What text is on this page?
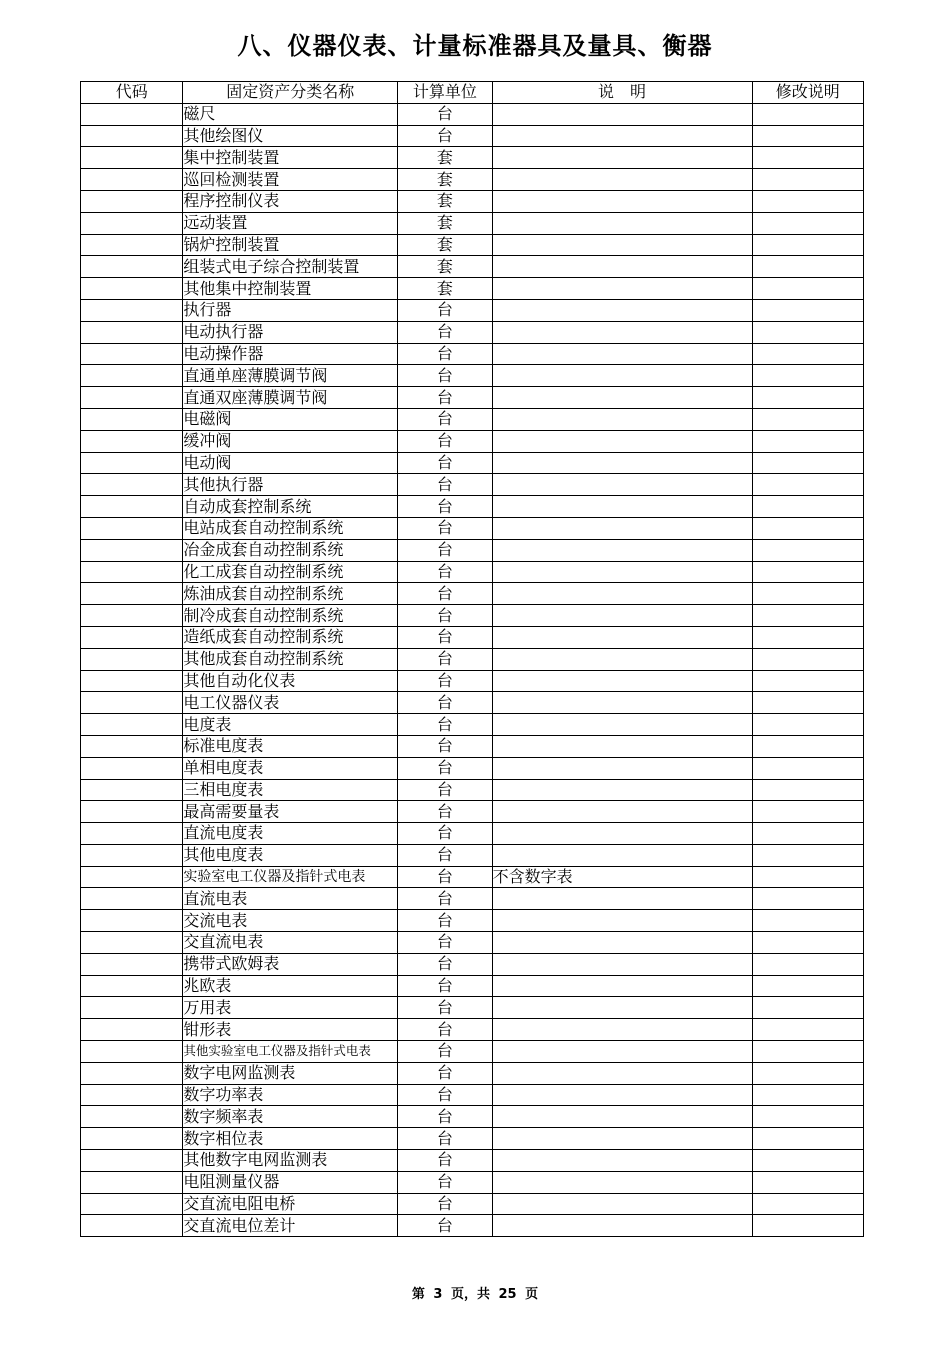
八、仪器仪表、计量标准器具及量具、衡器
代码	固定资产分类名称	计算单位	说　明	修改说明
	磁尺	台		
	其他绘图仪	台		
	集中控制装置	套		
	巡回检测装置	套		
	程序控制仪表	套		
	远动装置	套		
	锅炉控制装置	套		
	组装式电子综合控制装置	套		
	其他集中控制装置	套		
	执行器	台		
	电动执行器	台		
	电动操作器	台		
	直通单座薄膜调节阀	台		
	直通双座薄膜调节阀	台		
	电磁阀	台		
	缓冲阀	台		
	电动阀	台		
	其他执行器	台		
	自动成套控制系统	台		
	电站成套自动控制系统	台		
	冶金成套自动控制系统	台		
	化工成套自动控制系统	台		
	炼油成套自动控制系统	台		
	制冷成套自动控制系统	台		
	造纸成套自动控制系统	台		
	其他成套自动控制系统	台		
	其他自动化仪表	台		
	电工仪器仪表	台		
	电度表	台		
	标准电度表	台		
	单相电度表	台		
	三相电度表	台		
	最高需要量表	台		
	直流电度表	台		
	其他电度表	台		
	实验室电工仪器及指针式电表	台	不含数字表	
	直流电表	台		
	交流电表	台		
	交直流电表	台		
	携带式欧姆表	台		
	兆欧表	台		
	万用表	台		
	钳形表	台		
	其他实验室电工仪器及指针式电表	台		
	数字电网监测表	台		
	数字功率表	台		
	数字频率表	台		
	数字相位表	台		
	其他数字电网监测表	台		
	电阻测量仪器	台		
	交直流电阻电桥	台		
	交直流电位差计	台		
第 3 页，共 25 页
